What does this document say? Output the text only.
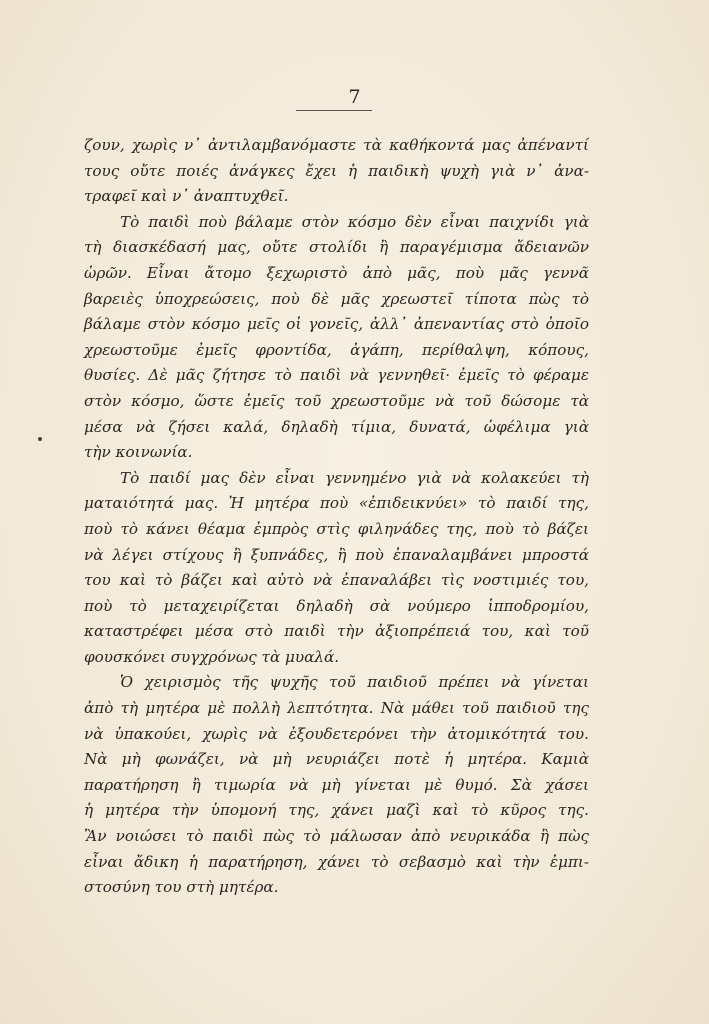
7
ζουν, χωρὶς ν᾿ ἀντιλαμβανόμαστε τὰ καθήκοντά μας ἀπέναντί
τους οὔτε ποιές ἀνάγκες ἔχει ἡ παιδικὴ ψυχὴ γιὰ ν᾿ ἀνα-
τραφεῖ καὶ ν᾿ ἀναπτυχθεῖ.
Τὸ παιδὶ ποὺ βάλαμε στὸν κόσμο δὲν εἶναι παιχνίδι γιὰ
τὴ διασκέδασή μας, οὔτε στολίδι ἢ παραγέμισμα ἄδειανῶν
ὡρῶν. Εἶναι ἄτομο ξεχωριστὸ ἀπὸ μᾶς, ποὺ μᾶς γεννᾶ
βαρειὲς ὑποχρεώσεις, ποὺ δὲ μᾶς χρεωστεῖ τίποτα πὼς τὸ
βάλαμε στὸν κόσμο μεῖς οἱ γονεῖς, ἀλλ᾿ ἀπεναντίας στὸ ὁποῖο
χρεωστοῦμε ἐμεῖς φροντίδα, ἀγάπη, περίθαλψη, κόπους,
θυσίες. Δὲ μᾶς ζήτησε τὸ παιδὶ νὰ γεννηθεῖ· ἐμεῖς τὸ φέραμε
στὸν κόσμο, ὥστε ἐμεῖς τοῦ χρεωστοῦμε νὰ τοῦ δώσομε τὰ
μέσα νὰ ζήσει καλά, δηλαδὴ τίμια, δυνατά, ὠφέλιμα γιὰ
τὴν κοινωνία.
Τὸ παιδί μας δὲν εἶναι γεννημένο γιὰ νὰ κολακεύει τὴ
ματαιότητά μας. Ἡ μητέρα ποὺ «ἐπιδεικνύει» τὸ παιδί της,
ποὺ τὸ κάνει θέαμα ἐμπρὸς στὶς φιληνάδες της, ποὺ τὸ βάζει
νὰ λέγει στίχους ἢ ξυπνάδες, ἢ ποὺ ἐπαναλαμβάνει μπροστά
του καὶ τὸ βάζει καὶ αὐτὸ νὰ ἐπαναλάβει τὶς νοστιμιές του,
ποὺ τὸ μεταχειρίζεται δηλαδὴ σὰ νούμερο ἱπποδρομίου,
καταστρέφει μέσα στὸ παιδὶ τὴν ἀξιοπρέπειά του, καὶ τοῦ
φουσκόνει συγχρόνως τὰ μυαλά.
Ὁ χειρισμὸς τῆς ψυχῆς τοῦ παιδιοῦ πρέπει νὰ γίνεται
ἀπὸ τὴ μητέρα μὲ πολλὴ λεπτότητα. Νὰ μάθει τοῦ παιδιοῦ της
νὰ ὑπακούει, χωρὶς νὰ ἐξουδετερόνει τὴν ἀτομικότητά του.
Νὰ μὴ φωνάζει, νὰ μὴ νευριάζει ποτὲ ἡ μητέρα. Καμιὰ
παρατήρηση ἢ τιμωρία νὰ μὴ γίνεται μὲ θυμό. Σὰ χάσει
ἡ μητέρα τὴν ὑπομονή της, χάνει μαζὶ καὶ τὸ κῦρος της.
Ἂν νοιώσει τὸ παιδὶ πὼς τὸ μάλωσαν ἀπὸ νευρικάδα ἢ πὼς
εἶναι ἄδικη ἡ παρατήρηση, χάνει τὸ σεβασμὸ καὶ τὴν ἐμπι-
στοσύνη του στὴ μητέρα.
